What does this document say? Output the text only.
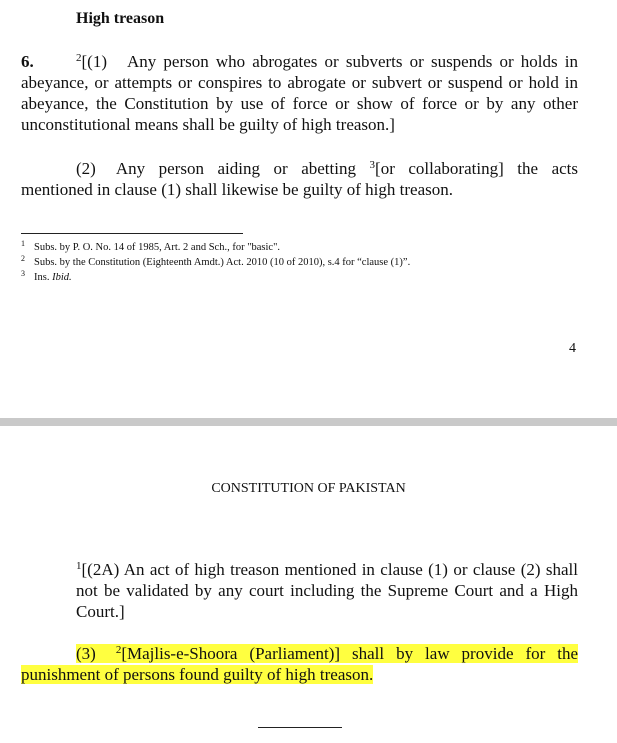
High treason

6.	$^2$[(1) Any person who abrogates or subverts or suspends or holds in abeyance, or attempts or conspires to abrogate or subvert or suspend or hold in abeyance, the Constitution by use of force or show of force or by any other unconstitutional means shall be guilty of high treason.]

(2) Any person aiding or abetting $^3$[or collaborating] the acts mentioned in clause (1) shall likewise be guilty of high treason.

$^1$ Subs. by P. O. No. 14 of 1985, Art. 2 and Sch., for "basic".
$^2$ Subs. by the Constitution (Eighteenth Amdt.) Act. 2010 (10 of 2010), s.4 for “clause (1)”.
$^3$ Ins. Ibid.
4
CONSTITUTION OF PAKISTAN

$^1$[(2A) An act of high treason mentioned in clause (1) or clause (2) shall not be validated by any court including the Supreme Court and a High Court.]

(3) $^2$[Majlis-e-Shoora (Parliament)] shall by law provide for the punishment of persons found guilty of high treason.
